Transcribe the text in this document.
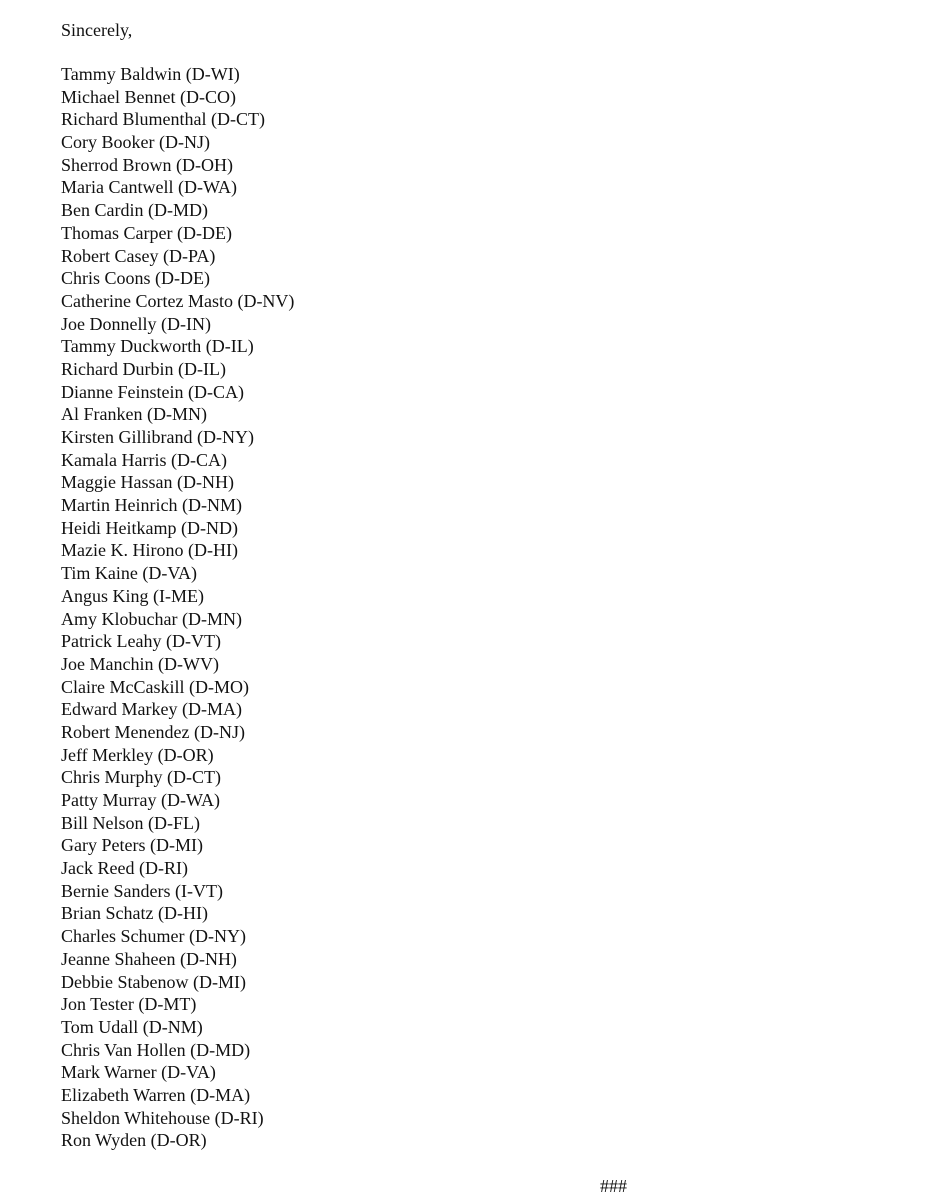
Sincerely,
Tammy Baldwin (D-WI)
Michael Bennet (D-CO)
Richard Blumenthal (D-CT)
Cory Booker (D-NJ)
Sherrod Brown (D-OH)
Maria Cantwell (D-WA)
Ben Cardin (D-MD)
Thomas Carper (D-DE)
Robert Casey (D-PA)
Chris Coons (D-DE)
Catherine Cortez Masto (D-NV)
Joe Donnelly (D-IN)
Tammy Duckworth (D-IL)
Richard Durbin (D-IL)
Dianne Feinstein (D-CA)
Al Franken (D-MN)
Kirsten Gillibrand (D-NY)
Kamala Harris (D-CA)
Maggie Hassan (D-NH)
Martin Heinrich (D-NM)
Heidi Heitkamp (D-ND)
Mazie K. Hirono (D-HI)
Tim Kaine (D-VA)
Angus King (I-ME)
Amy Klobuchar (D-MN)
Patrick Leahy (D-VT)
Joe Manchin (D-WV)
Claire McCaskill (D-MO)
Edward Markey (D-MA)
Robert Menendez (D-NJ)
Jeff Merkley (D-OR)
Chris Murphy (D-CT)
Patty Murray (D-WA)
Bill Nelson (D-FL)
Gary Peters (D-MI)
Jack Reed (D-RI)
Bernie Sanders (I-VT)
Brian Schatz (D-HI)
Charles Schumer (D-NY)
Jeanne Shaheen (D-NH)
Debbie Stabenow (D-MI)
Jon Tester (D-MT)
Tom Udall (D-NM)
Chris Van Hollen (D-MD)
Mark Warner (D-VA)
Elizabeth Warren (D-MA)
Sheldon Whitehouse (D-RI)
Ron Wyden (D-OR)
###
